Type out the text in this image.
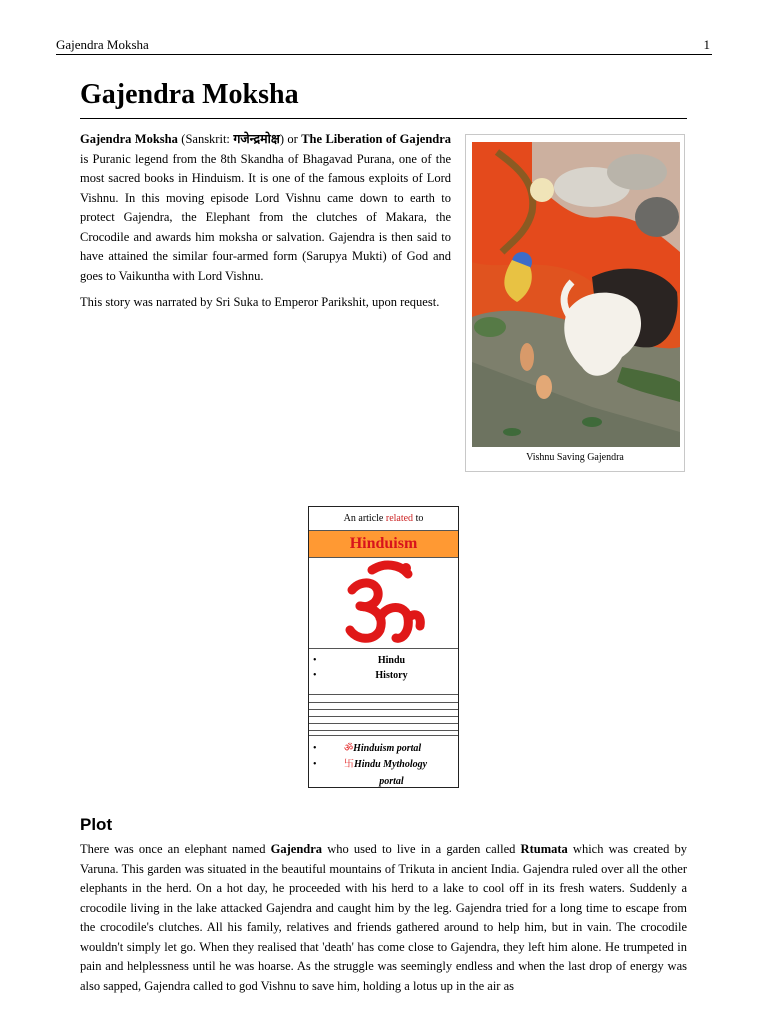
Gajendra Moksha	1
Gajendra Moksha

Gajendra Moksha (Sanskrit: गजेन्द्रमोक्ष) or The Liberation of Gajendra is Puranic legend from the 8th Skandha of Bhagavad Purana, one of the most sacred books in Hinduism. It is one of the famous exploits of Lord Vishnu. In this moving episode Lord Vishnu came down to earth to protect Gajendra, the Elephant from the clutches of Makara, the Crocodile and awards him moksha or salvation. Gajendra is then said to have attained the similar four-armed form (Sarupya Mukti) of God and goes to Vaikuntha with Lord Vishnu.

This story was narrated by Sri Suka to Emperor Parikshit, upon request.

Vishnu Saving Gajendra
An article related to
Hinduism
•	Hindu
•	History
•	ॐHinduism portal
•	卐Hindu Mythology
portal
Plot

There was once an elephant named Gajendra who used to live in a garden called Rtumata which was created by Varuna. This garden was situated in the beautiful mountains of Trikuta in ancient India. Gajendra ruled over all the other elephants in the herd. On a hot day, he proceeded with his herd to a lake to cool off in its fresh waters. Suddenly a crocodile living in the lake attacked Gajendra and caught him by the leg. Gajendra tried for a long time to escape from the crocodile's clutches. All his family, relatives and friends gathered around to help him, but in vain. The crocodile wouldn't simply let go. When they realised that 'death' has come close to Gajendra, they left him alone. He trumpeted in pain and helplessness until he was hoarse. As the struggle was seemingly endless and when the last drop of energy was also sapped, Gajendra called to god Vishnu to save him, holding a lotus up in the air as
